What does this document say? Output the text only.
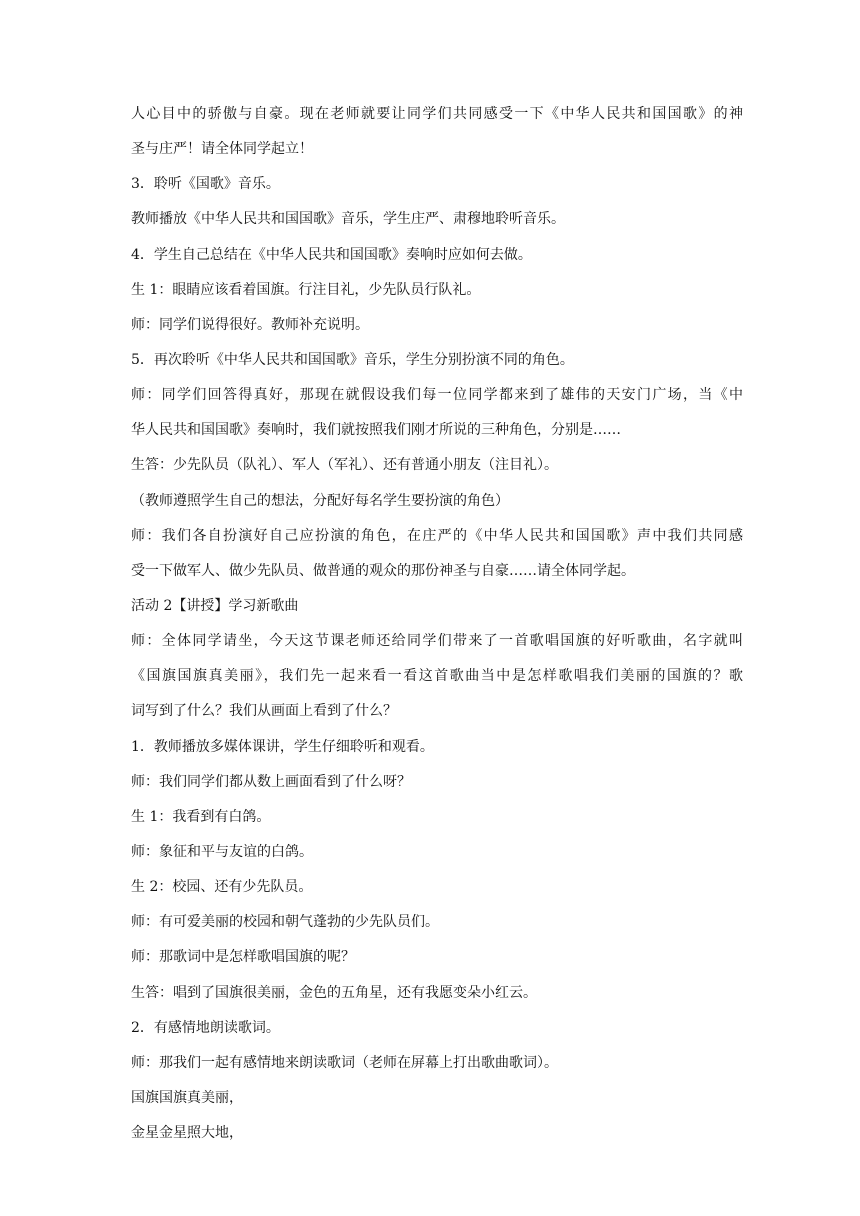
人心目中的骄傲与自豪。现在老师就要让同学们共同感受一下《中华人民共和国国歌》的神
圣与庄严！请全体同学起立！
3．聆听《国歌》音乐。
教师播放《中华人民共和国国歌》音乐，学生庄严、肃穆地聆听音乐。
4．学生自己总结在《中华人民共和国国歌》奏响时应如何去做。
生 1：眼睛应该看着国旗。行注目礼，少先队员行队礼。
师：同学们说得很好。教师补充说明。
5．再次聆听《中华人民共和国国歌》音乐，学生分别扮演不同的角色。
师：同学们回答得真好，那现在就假设我们每一位同学都来到了雄伟的天安门广场，当《中
华人民共和国国歌》奏响时，我们就按照我们刚才所说的三种角色，分别是……
生答：少先队员（队礼）、军人（军礼）、还有普通小朋友（注目礼）。
（教师遵照学生自己的想法，分配好每名学生要扮演的角色）
师：我们各自扮演好自己应扮演的角色，在庄严的《中华人民共和国国歌》声中我们共同感
受一下做军人、做少先队员、做普通的观众的那份神圣与自豪……请全体同学起。
活动 2【讲授】学习新歌曲
师：全体同学请坐，今天这节课老师还给同学们带来了一首歌唱国旗的好听歌曲，名字就叫
《国旗国旗真美丽》，我们先一起来看一看这首歌曲当中是怎样歌唱我们美丽的国旗的？歌
词写到了什么？我们从画面上看到了什么？
1．教师播放多媒体课讲，学生仔细聆听和观看。
师：我们同学们都从数上画面看到了什么呀？
生 1：我看到有白鸽。
师：象征和平与友谊的白鸽。
生 2：校园、还有少先队员。
师：有可爱美丽的校园和朝气蓬勃的少先队员们。
师：那歌词中是怎样歌唱国旗的呢？
生答：唱到了国旗很美丽，金色的五角星，还有我愿变朵小红云。
2．有感情地朗读歌词。
师：那我们一起有感情地来朗读歌词（老师在屏幕上打出歌曲歌词）。
国旗国旗真美丽，
金星金星照大地，
